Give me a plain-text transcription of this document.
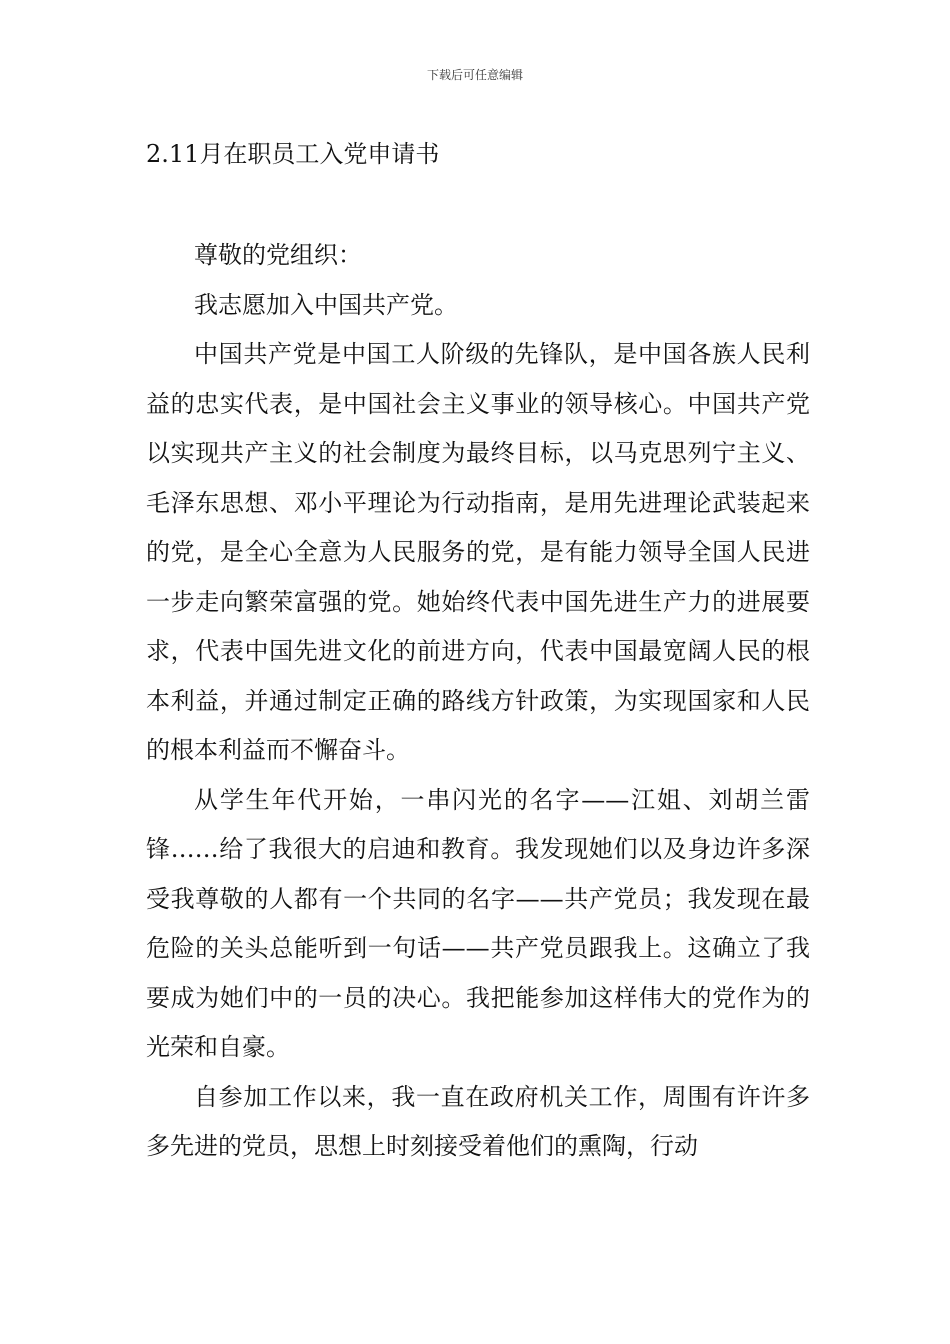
下载后可任意编辑
2.11月在职员工入党申请书

尊敬的党组织：

我志愿加入中国共产党。

中国共产党是中国工人阶级的先锋队，是中国各族人民利益的忠实代表，是中国社会主义事业的领导核心。中国共产党以实现共产主义的社会制度为最终目标，以马克思列宁主义、毛泽东思想、邓小平理论为行动指南，是用先进理论武装起来的党，是全心全意为人民服务的党，是有能力领导全国人民进一步走向繁荣富强的党。她始终代表中国先进生产力的进展要求，代表中国先进文化的前进方向，代表中国最宽阔人民的根本利益，并通过制定正确的路线方针政策，为实现国家和人民的根本利益而不懈奋斗。

从学生年代开始，一串闪光的名字——江姐、刘胡兰雷锋……给了我很大的启迪和教育。我发现她们以及身边许多深受我尊敬的人都有一个共同的名字——共产党员；我发现在最危险的关头总能听到一句话——共产党员跟我上。这确立了我要成为她们中的一员的决心。我把能参加这样伟大的党作为的光荣和自豪。

自参加工作以来，我一直在政府机关工作，周围有许许多多先进的党员，思想上时刻接受着他们的熏陶，行动
